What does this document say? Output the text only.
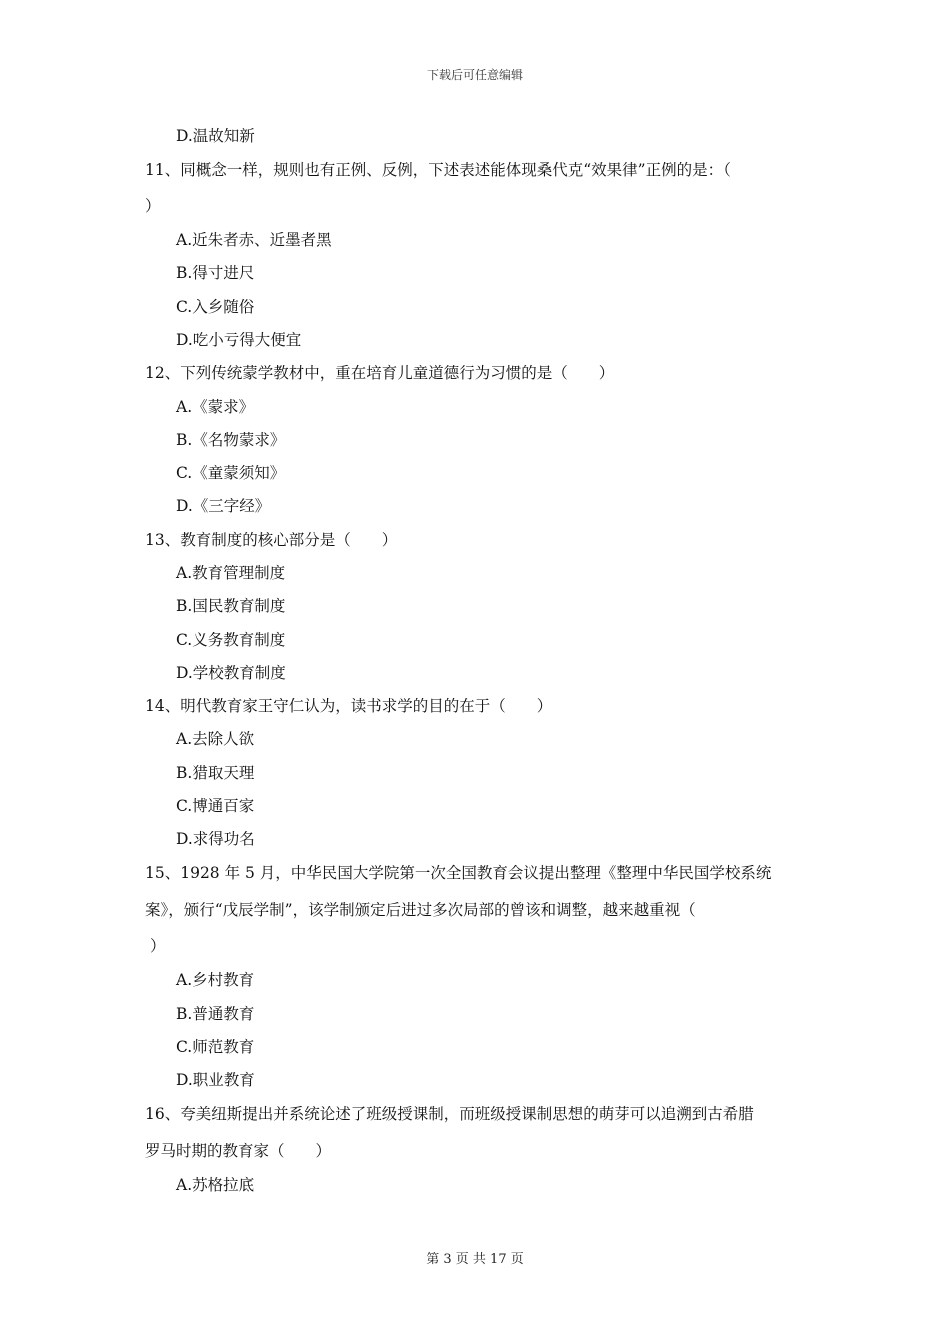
下载后可任意编辑
D.温故知新
11、同概念一样，规则也有正例、反例，下述表述能体现桑代克“效果律”正例的是：（
）
A.近朱者赤、近墨者黑
B.得寸进尺
C.入乡随俗
D.吃小亏得大便宜
12、下列传统蒙学教材中，重在培育儿童道德行为习惯的是（　　）
A.《蒙求》
B.《名物蒙求》
C.《童蒙须知》
D.《三字经》
13、教育制度的核心部分是（　　）
A.教育管理制度
B.国民教育制度
C.义务教育制度
D.学校教育制度
14、明代教育家王守仁认为，读书求学的目的在于（　　）
A.去除人欲
B.猎取天理
C.博通百家
D.求得功名
15、1928 年 5 月，中华民国大学院第一次全国教育会议提出整理《整理中华民国学校系统
案》，颁行“戊辰学制”，该学制颁定后进过多次局部的曾该和调整，越来越重视（
）
A.乡村教育
B.普通教育
C.师范教育
D.职业教育
16、夸美纽斯提出并系统论述了班级授课制，而班级授课制思想的萌芽可以追溯到古希腊
罗马时期的教育家（　　）
A.苏格拉底
第 3 页 共 17 页
